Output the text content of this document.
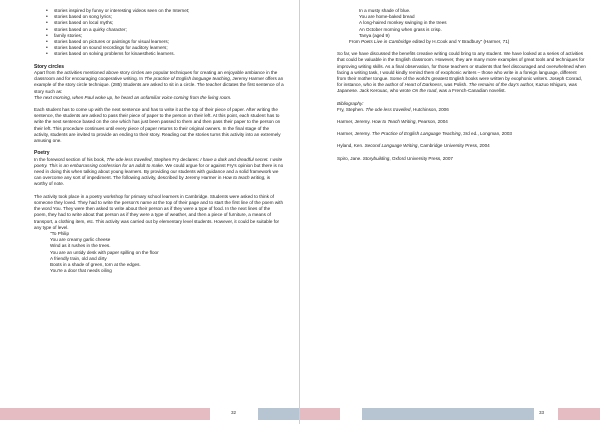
• stories inspired by funny or interesting videos seen on the Internet;
• stories based on song lyrics;
• stories based on local myths;
• stories based on a quirky character;
• family stories;
• stories based on pictures or paintings for visual learners;
• stories based on sound recordings for auditory learners;
• stories based on solving problems for kinaesthetic learners.
Story circles

Apart from the activities mentioned above story circles are popular techniques for creating an enjoyable ambiance in the classroom and for encouraging cooperative writing. In The practice of English language teaching, Jeremy Harmer offers an example of the story circle technique. (285) Students are asked to sit in a circle. The teacher dictates the first sentence of a story such as:

The next morning, when Paul woke up, he heard an unfamiliar voice coming from the living room.

Each student has to come up with the next sentence and has to write it at the top of their piece of paper. After writing the sentence, the students are asked to pass their piece of paper to the person on their left. At this point, each student has to write the next sentence based on the one which has just been passed to them and then pass their paper to the person on their left. This procedure continues until every piece of paper returns to their original owners. In the final stage of the activity, students are invited to provide an ending to their story. Reading out the stories turns this activity into an extremely amusing one.

Poetry

In the foreword section of his book, The ode less travelled, Stephen Fry declares: I have a dark and dreadful secret. I write poetry. This is an embarrassing confession for an adult to make. We could argue for or against Fry's opinion but there is no need in doing this when talking about young learners. By providing our students with guidance and a solid framework we can overcome any sort of impediment. The following activity, described by Jeremy Harmer in How to teach writing, is worthy of note.

The activity took place in a poetry workshop for primary school learners in Cambridge. Students were asked to think of someone they loved. They had to write the person's name at the top of their page and to start the first line of the poem with the word You. They were then asked to write about their person as if they were a type of food. In the next lines of the poem, they had to write about that person as if they were a type of weather, and then a piece of furniture, a means of transport, a clothing item, etc. This activity was carried out by elementary level students. However, it could be suitable for any type of level.

"To Philip

You are creamy garlic cheese

Wind as it rushes in the trees.

You are an untidy desk with paper spilling on the floor

A friendly train, old and dirty

Boots in a shade of green, torn at the edges.

You're a door that needs oiling

32

In a musty shade of blue.

You are home-baked bread

A long-haired monkey swinging in the trees

An October morning when grass is crisp.

Tanya (aged 9)

From Poets Live in Cambridge edited by H.Cook and Y Bradbury" (Harmer, 71)

So far, we have discussed the benefits creative writing could bring to any student. We have looked at a series of activities that could be valuable in the English classroom. However, they are many more examples of great tools and techniques for improving writing skills. As a final observation, for those teachers or students that feel discouraged and overwhelmed when facing a writing task, I would kindly remind them of exophonic writers – those who write in a foreign language, different from their mother tongue. Some of the world's greatest English books were written by exophonic writers. Joseph Conrad, for instance, who is the author of Heart of Darkness, was Polish. The remains of the day's author, Kazuo Ishiguro, was Japanese. Jack Kerouac, who wrote On the road, was a French-Canadian novelist.

Bibliography:

Fry, Stephen. The ode less travelled, Hutchinson, 2006

Harmer, Jeremy. How to Teach Writing, Pearson, 2004

Harmer, Jeremy. The Practice of English Language Teaching, 3rd ed., Longman, 2003

Hyland, Ken. Second Language Writing, Cambridge University Press, 2004

Spiro, Jane. Storybuilding, Oxford University Press, 2007

33
